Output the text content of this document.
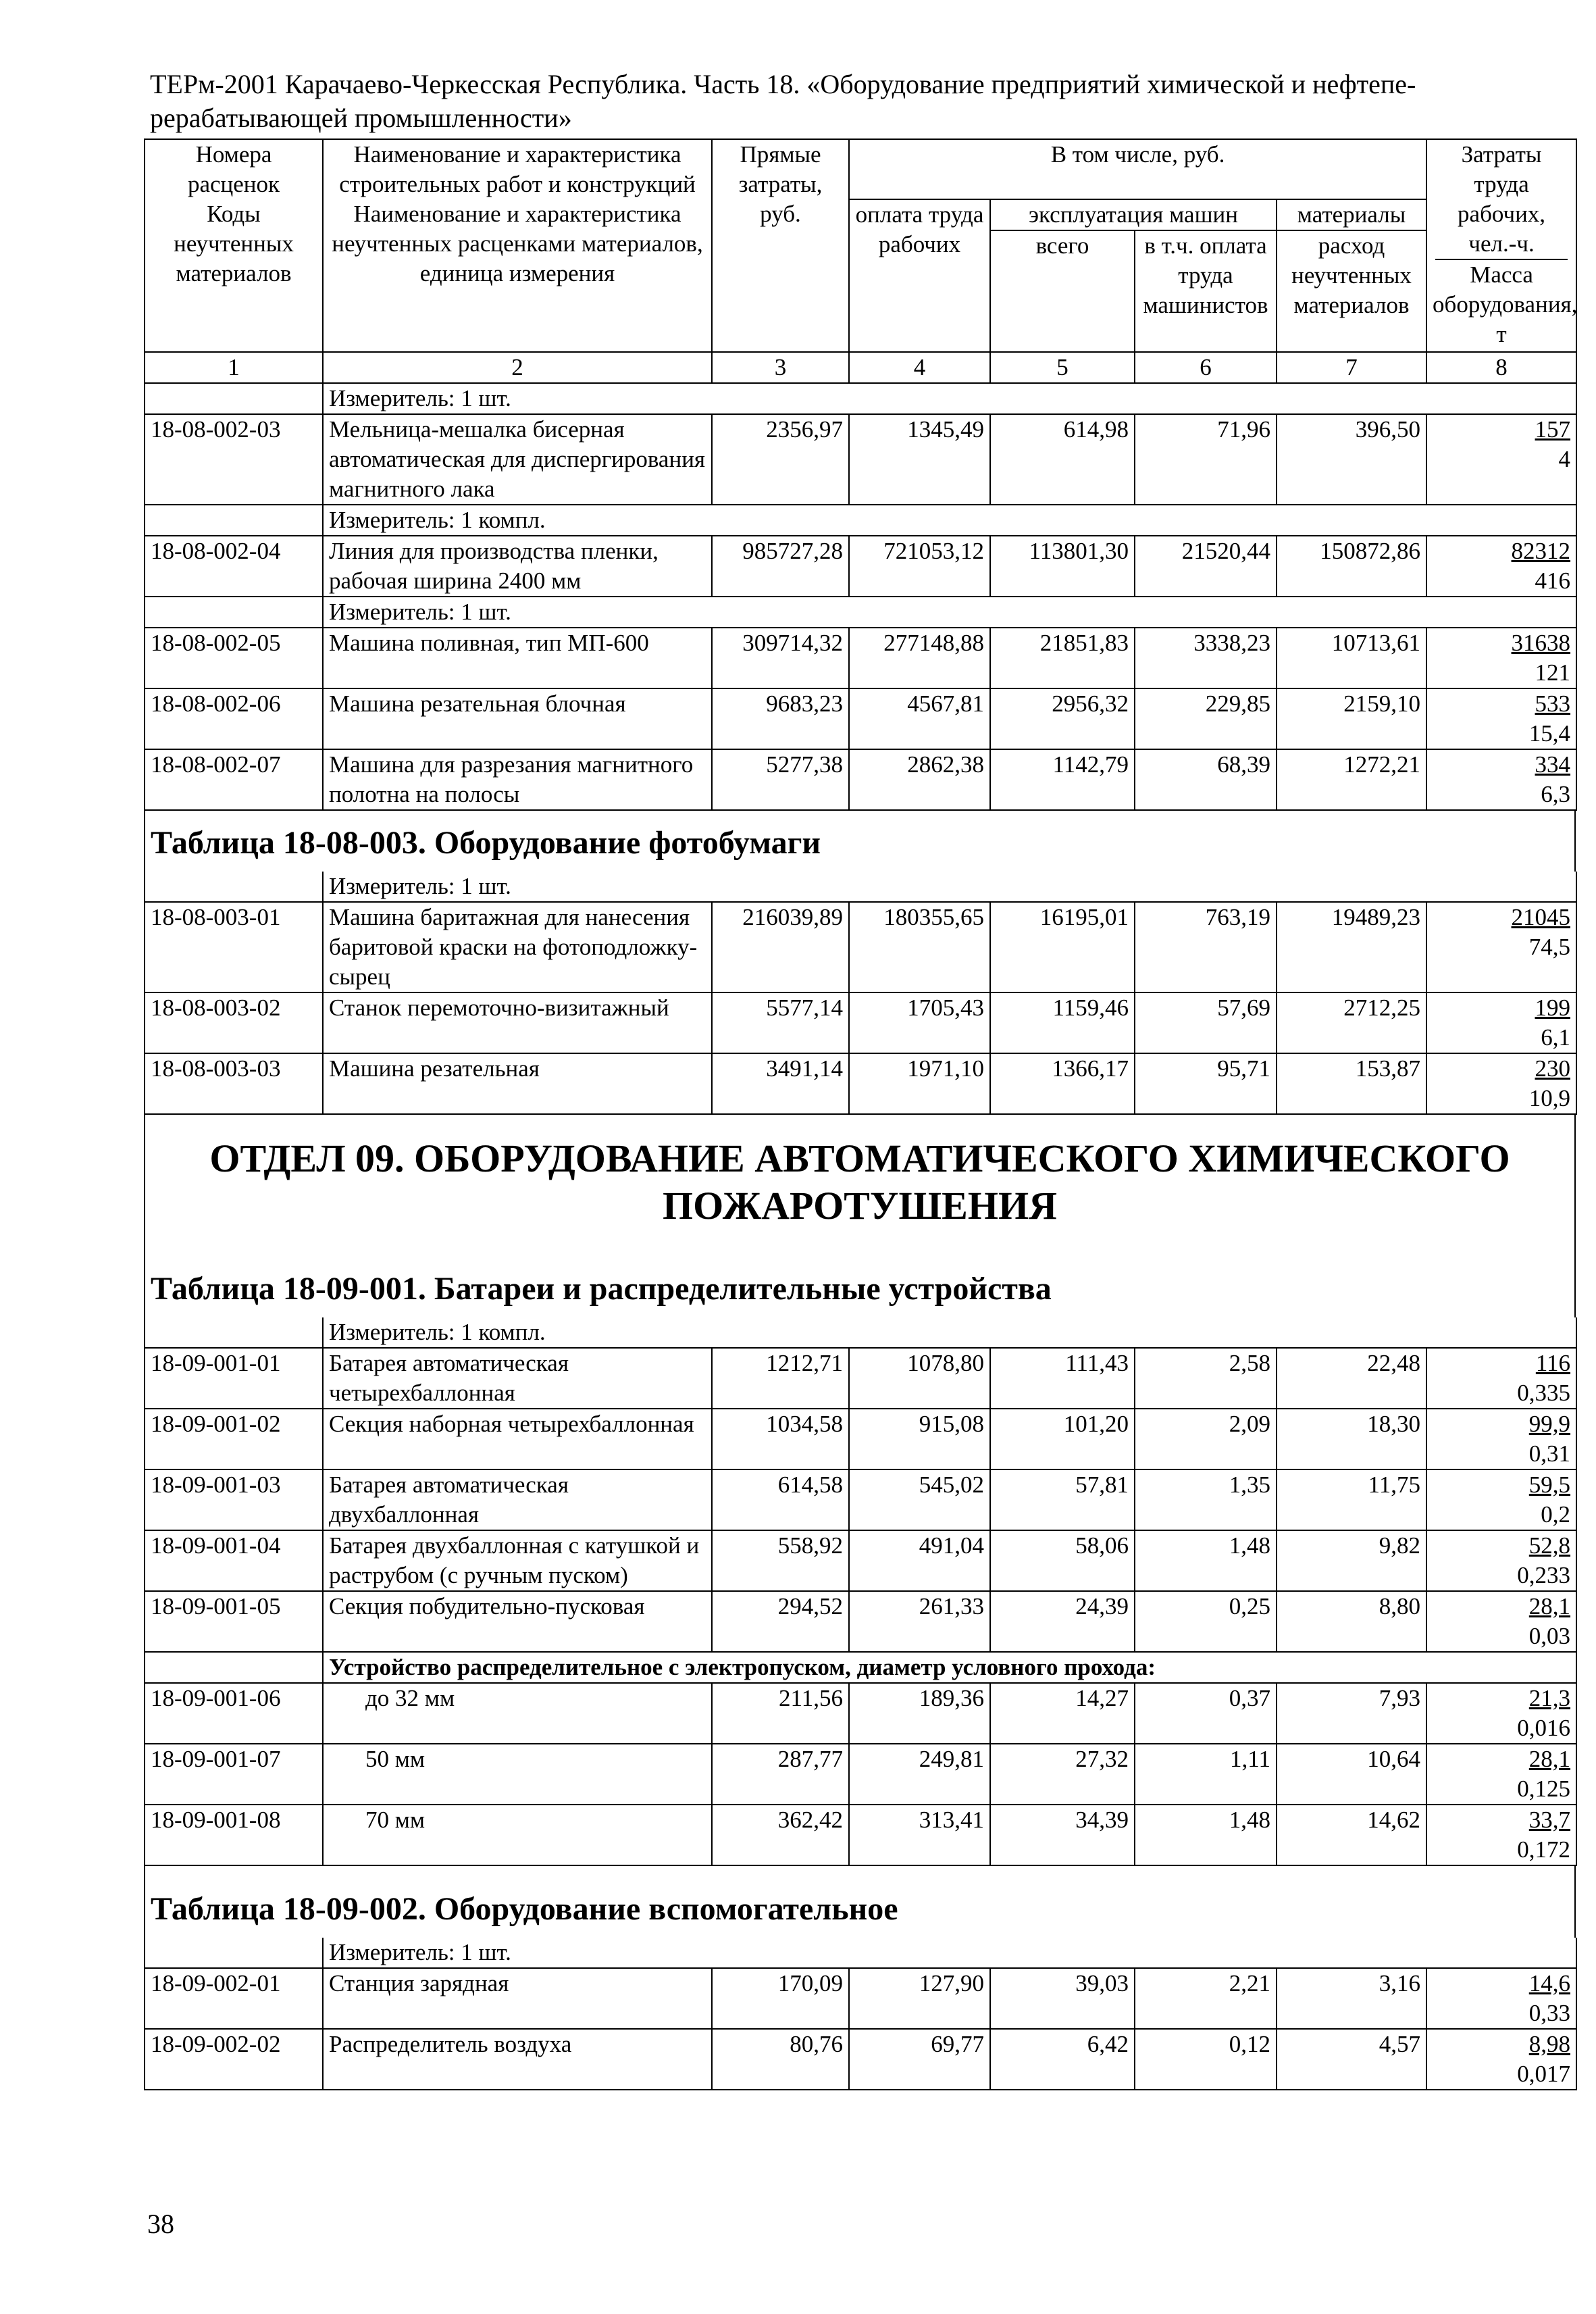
ТЕРм-2001 Карачаево-Черкесская Республика. Часть 18. «Оборудование предприятий химической и нефтепе-
рерабатывающей промышленности»
Номера расценок	Наименование и характеристика строительных работ и конструкций	Прямые затраты, руб.	В том числе, руб.				Затраты труда рабочих, чел.-ч.
Масса оборудования, т

Коды неучтенных материалов	Наименование и характеристика неучтенных расценками материалов, единица измерения		оплата труда рабочих	эксплуатация машин		материалы	
				всего	в т.ч. оплата труда машинистов	расход неучтенных материалов	
1	2	3	4	5	6	7	8
	Измеритель: 1 шт.						
18-08-002-03	Мельница-мешалка бисерная автоматическая для диспергирования магнитного лака	2356,97	1345,49	614,98	71,96	396,50	157
4

	Измеритель: 1 компл.						
18-08-002-04	Линия для производства пленки, рабочая ширина 2400 мм	985727,28	721053,12	113801,30	21520,44	150872,86	82312
416

	Измеритель: 1 шт.						
18-08-002-05	Машина поливная, тип МП-600	309714,32	277148,88	21851,83	3338,23	10713,61	31638
121

18-08-002-06	Машина резательная блочная	9683,23	4567,81	2956,32	229,85	2159,10	533
15,4

18-08-002-07	Машина для разрезания магнитного полотна на полосы	5277,38	2862,38	1142,79	68,39	1272,21	334
6,3
Таблица 18-08-003. Оборудование фотобумаги
	Измеритель: 1 шт.						
18-08-003-01	Машина баритажная для нанесения баритовой краски на фотоподложку-сырец	216039,89	180355,65	16195,01	763,19	19489,23	21045
74,5

18-08-003-02	Станок перемоточно-визитажный	5577,14	1705,43	1159,46	57,69	2712,25	199
6,1

18-08-003-03	Машина резательная	3491,14	1971,10	1366,17	95,71	153,87	230
10,9
ОТДЕЛ 09. ОБОРУДОВАНИЕ АВТОМАТИЧЕСКОГО ХИМИЧЕСКОГО
ПОЖАРОТУШЕНИЯ
Таблица 18-09-001. Батареи и распределительные устройства
	Измеритель: 1 компл.						
18-09-001-01	Батарея автоматическая четырехбаллонная	1212,71	1078,80	111,43	2,58	22,48	116
0,335

18-09-001-02	Секция наборная четырехбаллонная	1034,58	915,08	101,20	2,09	18,30	99,9
0,31

18-09-001-03	Батарея автоматическая двухбаллонная	614,58	545,02	57,81	1,35	11,75	59,5
0,2

18-09-001-04	Батарея двухбаллонная с катушкой и раструбом (с ручным пуском)	558,92	491,04	58,06	1,48	9,82	52,8
0,233

18-09-001-05	Секция побудительно-пусковая	294,52	261,33	24,39	0,25	8,80	28,1
0,03

	Устройство распределительное с электропуском, диаметр условного прохода:						
18-09-001-06	до 32 мм	211,56	189,36	14,27	0,37	7,93	21,3
0,016

18-09-001-07	50 мм	287,77	249,81	27,32	1,11	10,64	28,1
0,125

18-09-001-08	70 мм	362,42	313,41	34,39	1,48	14,62	33,7
0,172
Таблица 18-09-002. Оборудование вспомогательное
	Измеритель: 1 шт.						
18-09-002-01	Станция зарядная	170,09	127,90	39,03	2,21	3,16	14,6
0,33

18-09-002-02	Распределитель воздуха	80,76	69,77	6,42	0,12	4,57	8,98
0,017
38
